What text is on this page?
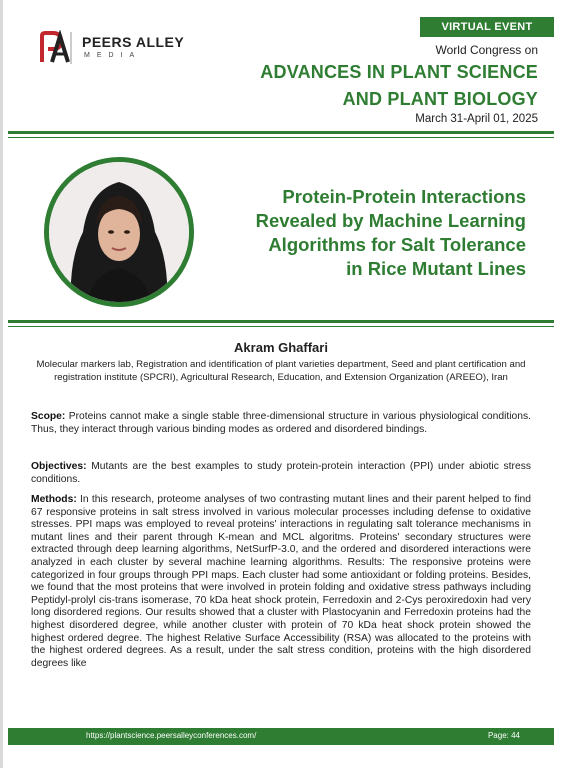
PEERS ALLEY
MEDIA
VIRTUAL EVENT
World Congress on
ADVANCES IN PLANT SCIENCE
AND PLANT BIOLOGY
March 31-April 01, 2025
Protein-Protein Interactions
Revealed by Machine Learning
Algorithms for Salt Tolerance
in Rice Mutant Lines
Akram Ghaffari
Molecular markers lab, Registration and identification of plant varieties department, Seed and plant certification and registration institute (SPCRI), Agricultural Research, Education, and Extension Organization (AREEO), Iran
Scope: Proteins cannot make a single stable three-dimensional structure in various physiological conditions. Thus, they interact through various binding modes as ordered and disordered bindings.
Objectives: Mutants are the best examples to study protein-protein interaction (PPI) under abiotic stress conditions.
Methods: In this research, proteome analyses of two contrasting mutant lines and their parent helped to find 67 responsive proteins in salt stress involved in various molecular processes including defense to oxidative stresses. PPI maps was employed to reveal proteins' interactions in regulating salt tolerance mechanisms in mutant lines and their parent through K-mean and MCL algoritms. Proteins' secondary structures were extracted through deep learning algorithms, NetSurfP-3.0, and the ordered and disordered interactions were analyzed in each cluster by several machine learning algorithms. Results: The responsive proteins were categorized in four groups through PPI maps. Each cluster had some antioxidant or folding proteins. Besides, we found that the most proteins that were involved in protein folding and oxidative stress pathways including Peptidyl-prolyl cis-trans isomerase, 70 kDa heat shock protein, Ferredoxin and 2-Cys peroxiredoxin had very long disordered regions. Our results showed that a cluster with Plastocyanin and Ferredoxin proteins had the highest disordered degree, while another cluster with protein of 70 kDa heat shock protein showed the highest ordered degree. The highest Relative Surface Accessibility (RSA) was allocated to the proteins with the highest ordered degrees. As a result, under the salt stress condition, proteins with the high disordered degrees like
https://plantscience.peersalleyconferences.com/	Page: 44
